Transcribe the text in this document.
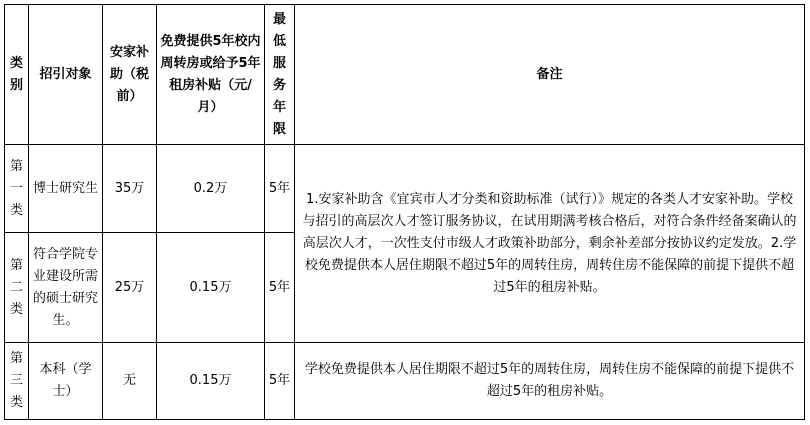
类别	招引对象	安家补助（税前）	免费提供5年校内周转房或给予5年租房补贴（元/月）	最低服务年限	备注
第一类	博士研究生	35万	0.2万	5年	1.安家补助含《宜宾市人才分类和资助标准（试行）》规定的各类人才安家补助。学校与招引的高层次人才签订服务协议，在试用期满考核合格后，对符合条件经备案确认的高层次人才，一次性支付市级人才政策补助部分，剩余补差部分按协议约定发放。2.学校免费提供本人居住期限不超过5年的周转住房，周转住房不能保障的前提下提供不超过5年的租房补贴。
第二类	符合学院专业建设所需的硕士研究生。	25万	0.15万	5年	
第三类	本科（学士）	无	0.15万	5年	学校免费提供本人居住期限不超过5年的周转住房，周转住房不能保障的前提下提供不超过5年的租房补贴。
